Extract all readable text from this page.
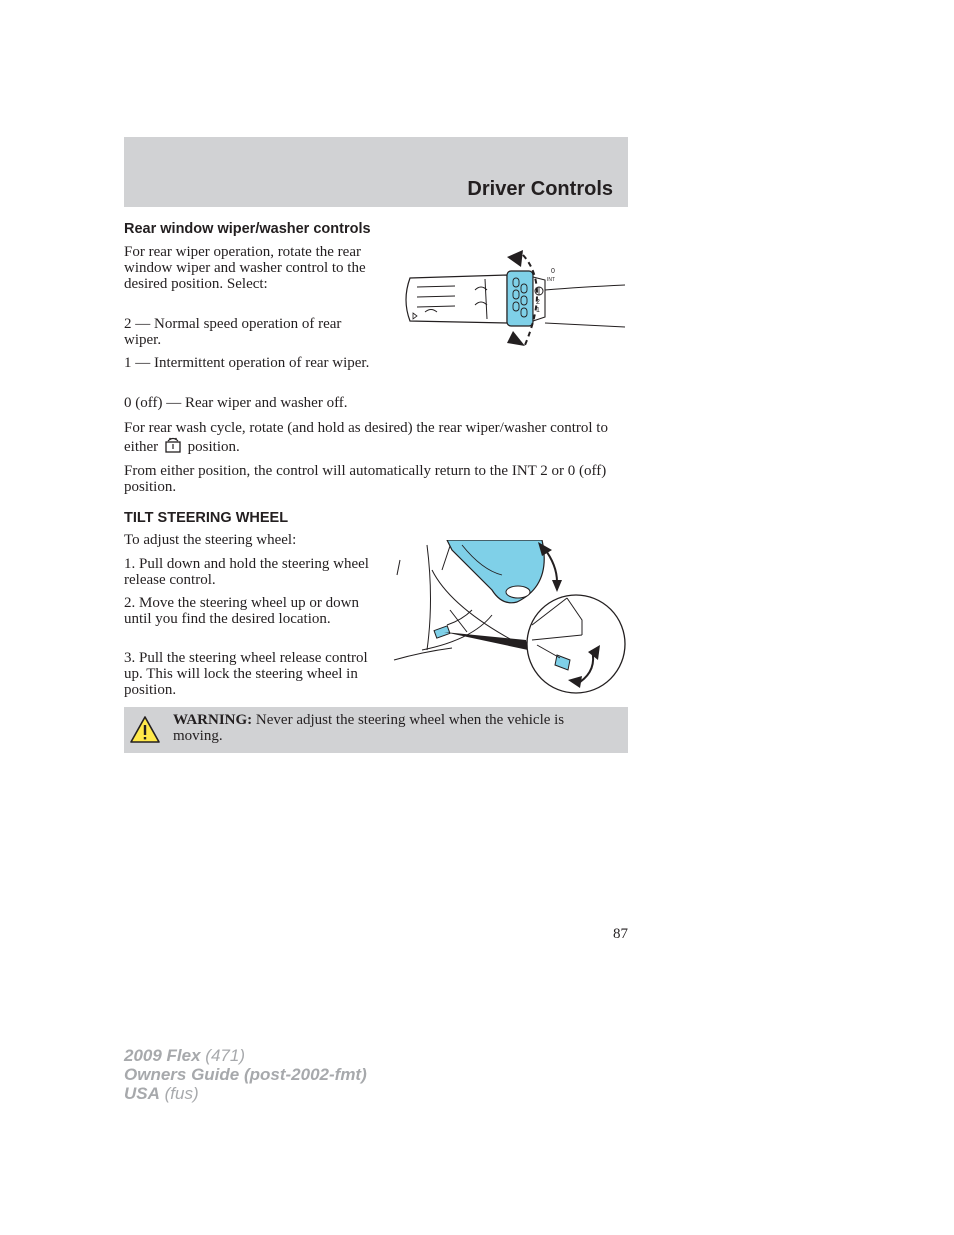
Driver Controls
Rear window wiper/washer controls

For rear wiper operation, rotate the rear window wiper and washer control to the desired position. Select:

2 — Normal speed operation of rear wiper.

1 — Intermittent operation of rear wiper.

0 (off) — Rear wiper and washer off.

For rear wash cycle, rotate (and hold as desired) the rear wiper/washer control to either position.

From either position, the control will automatically return to the INT 2 or 0 (off) position.

2
1
0
INT
TILT STEERING WHEEL

To adjust the steering wheel:

1. Pull down and hold the steering wheel release control.

2. Move the steering wheel up or down until you find the desired location.

3. Pull the steering wheel release control up. This will lock the steering wheel in position.

WARNING: Never adjust the steering wheel when the vehicle is moving.

87
2009 Flex (471)
Owners Guide (post-2002-fmt)
USA (fus)
